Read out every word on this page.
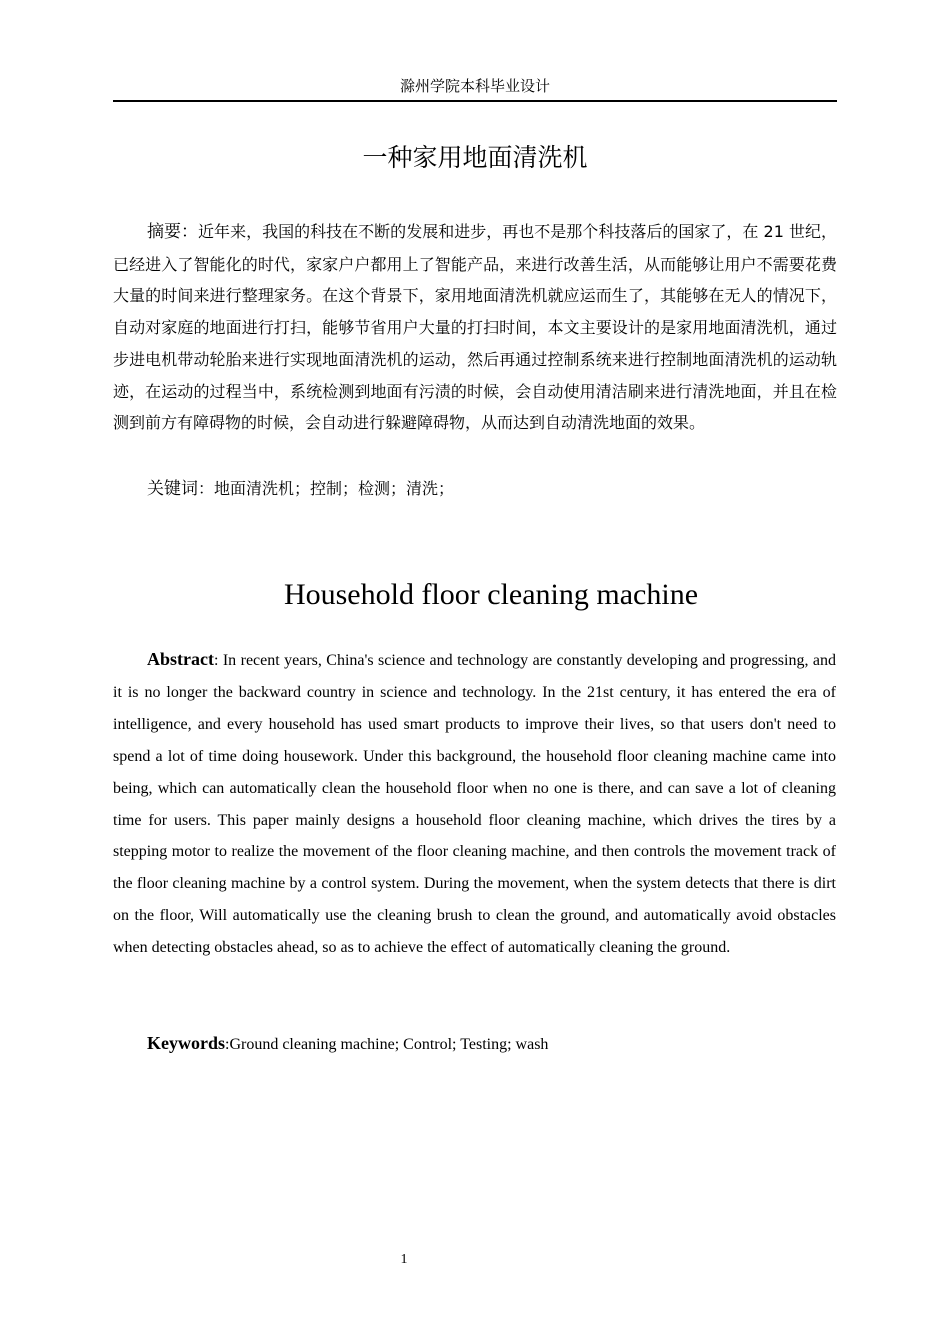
滁州学院本科毕业设计
一种家用地面清洗机

摘要：近年来，我国的科技在不断的发展和进步，再也不是那个科技落后的国家了，在 21 世纪，已经进入了智能化的时代，家家户户都用上了智能产品，来进行改善生活，从而能够让用户不需要花费大量的时间来进行整理家务。在这个背景下，家用地面清洗机就应运而生了，其能够在无人的情况下，自动对家庭的地面进行打扫，能够节省用户大量的打扫时间，本文主要设计的是家用地面清洗机，通过步进电机带动轮胎来进行实现地面清洗机的运动，然后再通过控制系统来进行控制地面清洗机的运动轨迹，在运动的过程当中，系统检测到地面有污渍的时候，会自动使用清洁刷来进行清洗地面，并且在检测到前方有障碍物的时候，会自动进行躲避障碍物，从而达到自动清洗地面的效果。

关键词：地面清洗机；控制；检测；清洗；

Household floor cleaning machine

Abstract: In recent years, China's science and technology are constantly developing and progressing, and it is no longer the backward country in science and technology. In the 21st century, it has entered the era of intelligence, and every household has used smart products to improve their lives, so that users don't need to spend a lot of time doing housework. Under this background, the household floor cleaning machine came into being, which can automatically clean the household floor when no one is there, and can save a lot of cleaning time for users. This paper mainly designs a household floor cleaning machine, which drives the tires by a stepping motor to realize the movement of the floor cleaning machine, and then controls the movement track of the floor cleaning machine by a control system. During the movement, when the system detects that there is dirt on the floor, Will automatically use the cleaning brush to clean the ground, and automatically avoid obstacles when detecting obstacles ahead, so as to achieve the effect of automatically cleaning the ground.

Keywords:Ground cleaning machine; Control; Testing; wash

1
